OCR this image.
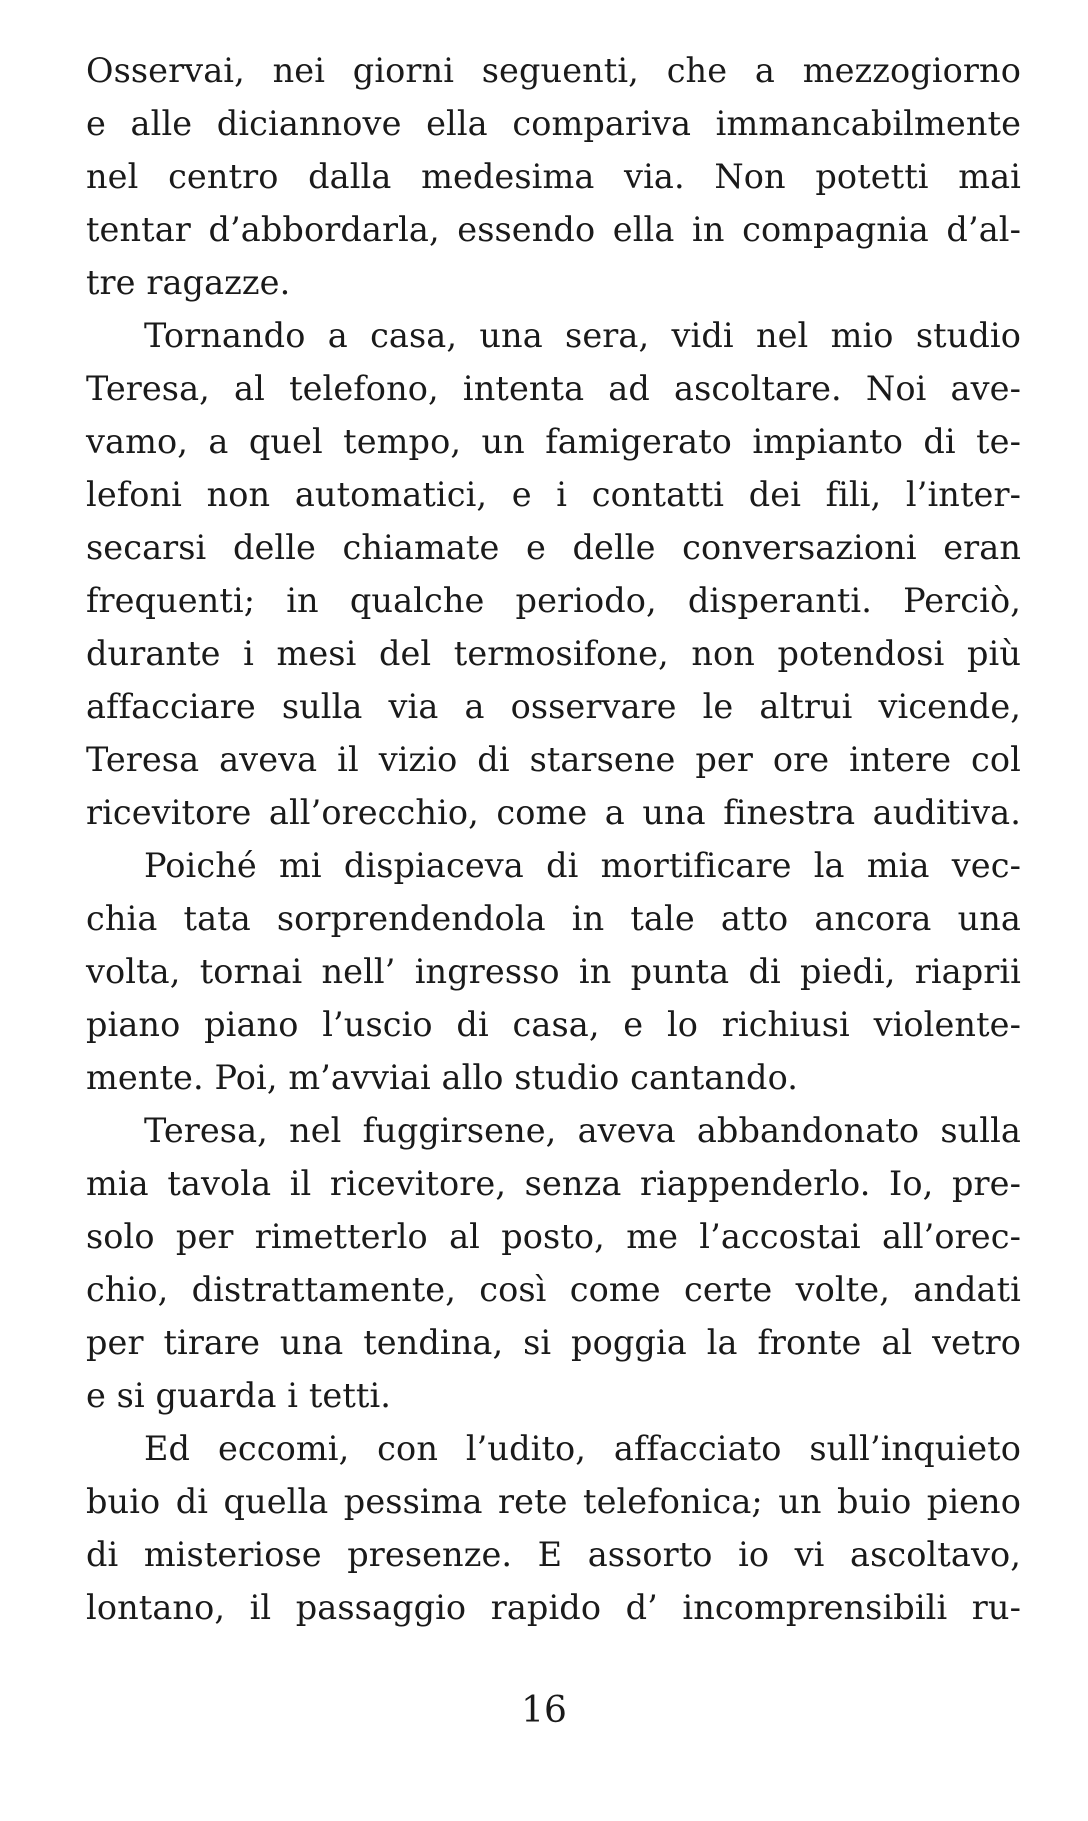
Osservai, nei giorni seguenti, che a mezzogiorno
e alle diciannove ella compariva immancabilmente
nel centro dalla medesima via. Non potetti mai
tentar d’abbordarla, essendo ella in compagnia d’al-
tre ragazze.
Tornando a casa, una sera, vidi nel mio studio
Teresa, al telefono, intenta ad ascoltare. Noi ave-
vamo, a quel tempo, un famigerato impianto di te-
lefoni non automatici, e i contatti dei fili, l’inter-
secarsi delle chiamate e delle conversazioni eran
frequenti; in qualche periodo, disperanti. Perciò,
durante i mesi del termosifone, non potendosi più
affacciare sulla via a osservare le altrui vicende,
Teresa aveva il vizio di starsene per ore intere col
ricevitore all’orecchio, come a una finestra auditiva.
Poiché mi dispiaceva di mortificare la mia vec-
chia tata sorprendendola in tale atto ancora una
volta, tornai nell’ ingresso in punta di piedi, riaprii
piano piano l’uscio di casa, e lo richiusi violente-
mente. Poi, m’avviai allo studio cantando.
Teresa, nel fuggirsene, aveva abbandonato sulla
mia tavola il ricevitore, senza riappenderlo. Io, pre-
solo per rimetterlo al posto, me l’accostai all’orec-
chio, distrattamente, così come certe volte, andati
per tirare una tendina, si poggia la fronte al vetro
e si guarda i tetti.
Ed eccomi, con l’udito, affacciato sull’inquieto
buio di quella pessima rete telefonica; un buio pieno
di misteriose presenze. E assorto io vi ascoltavo,
lontano, il passaggio rapido d’ incomprensibili ru-
16
